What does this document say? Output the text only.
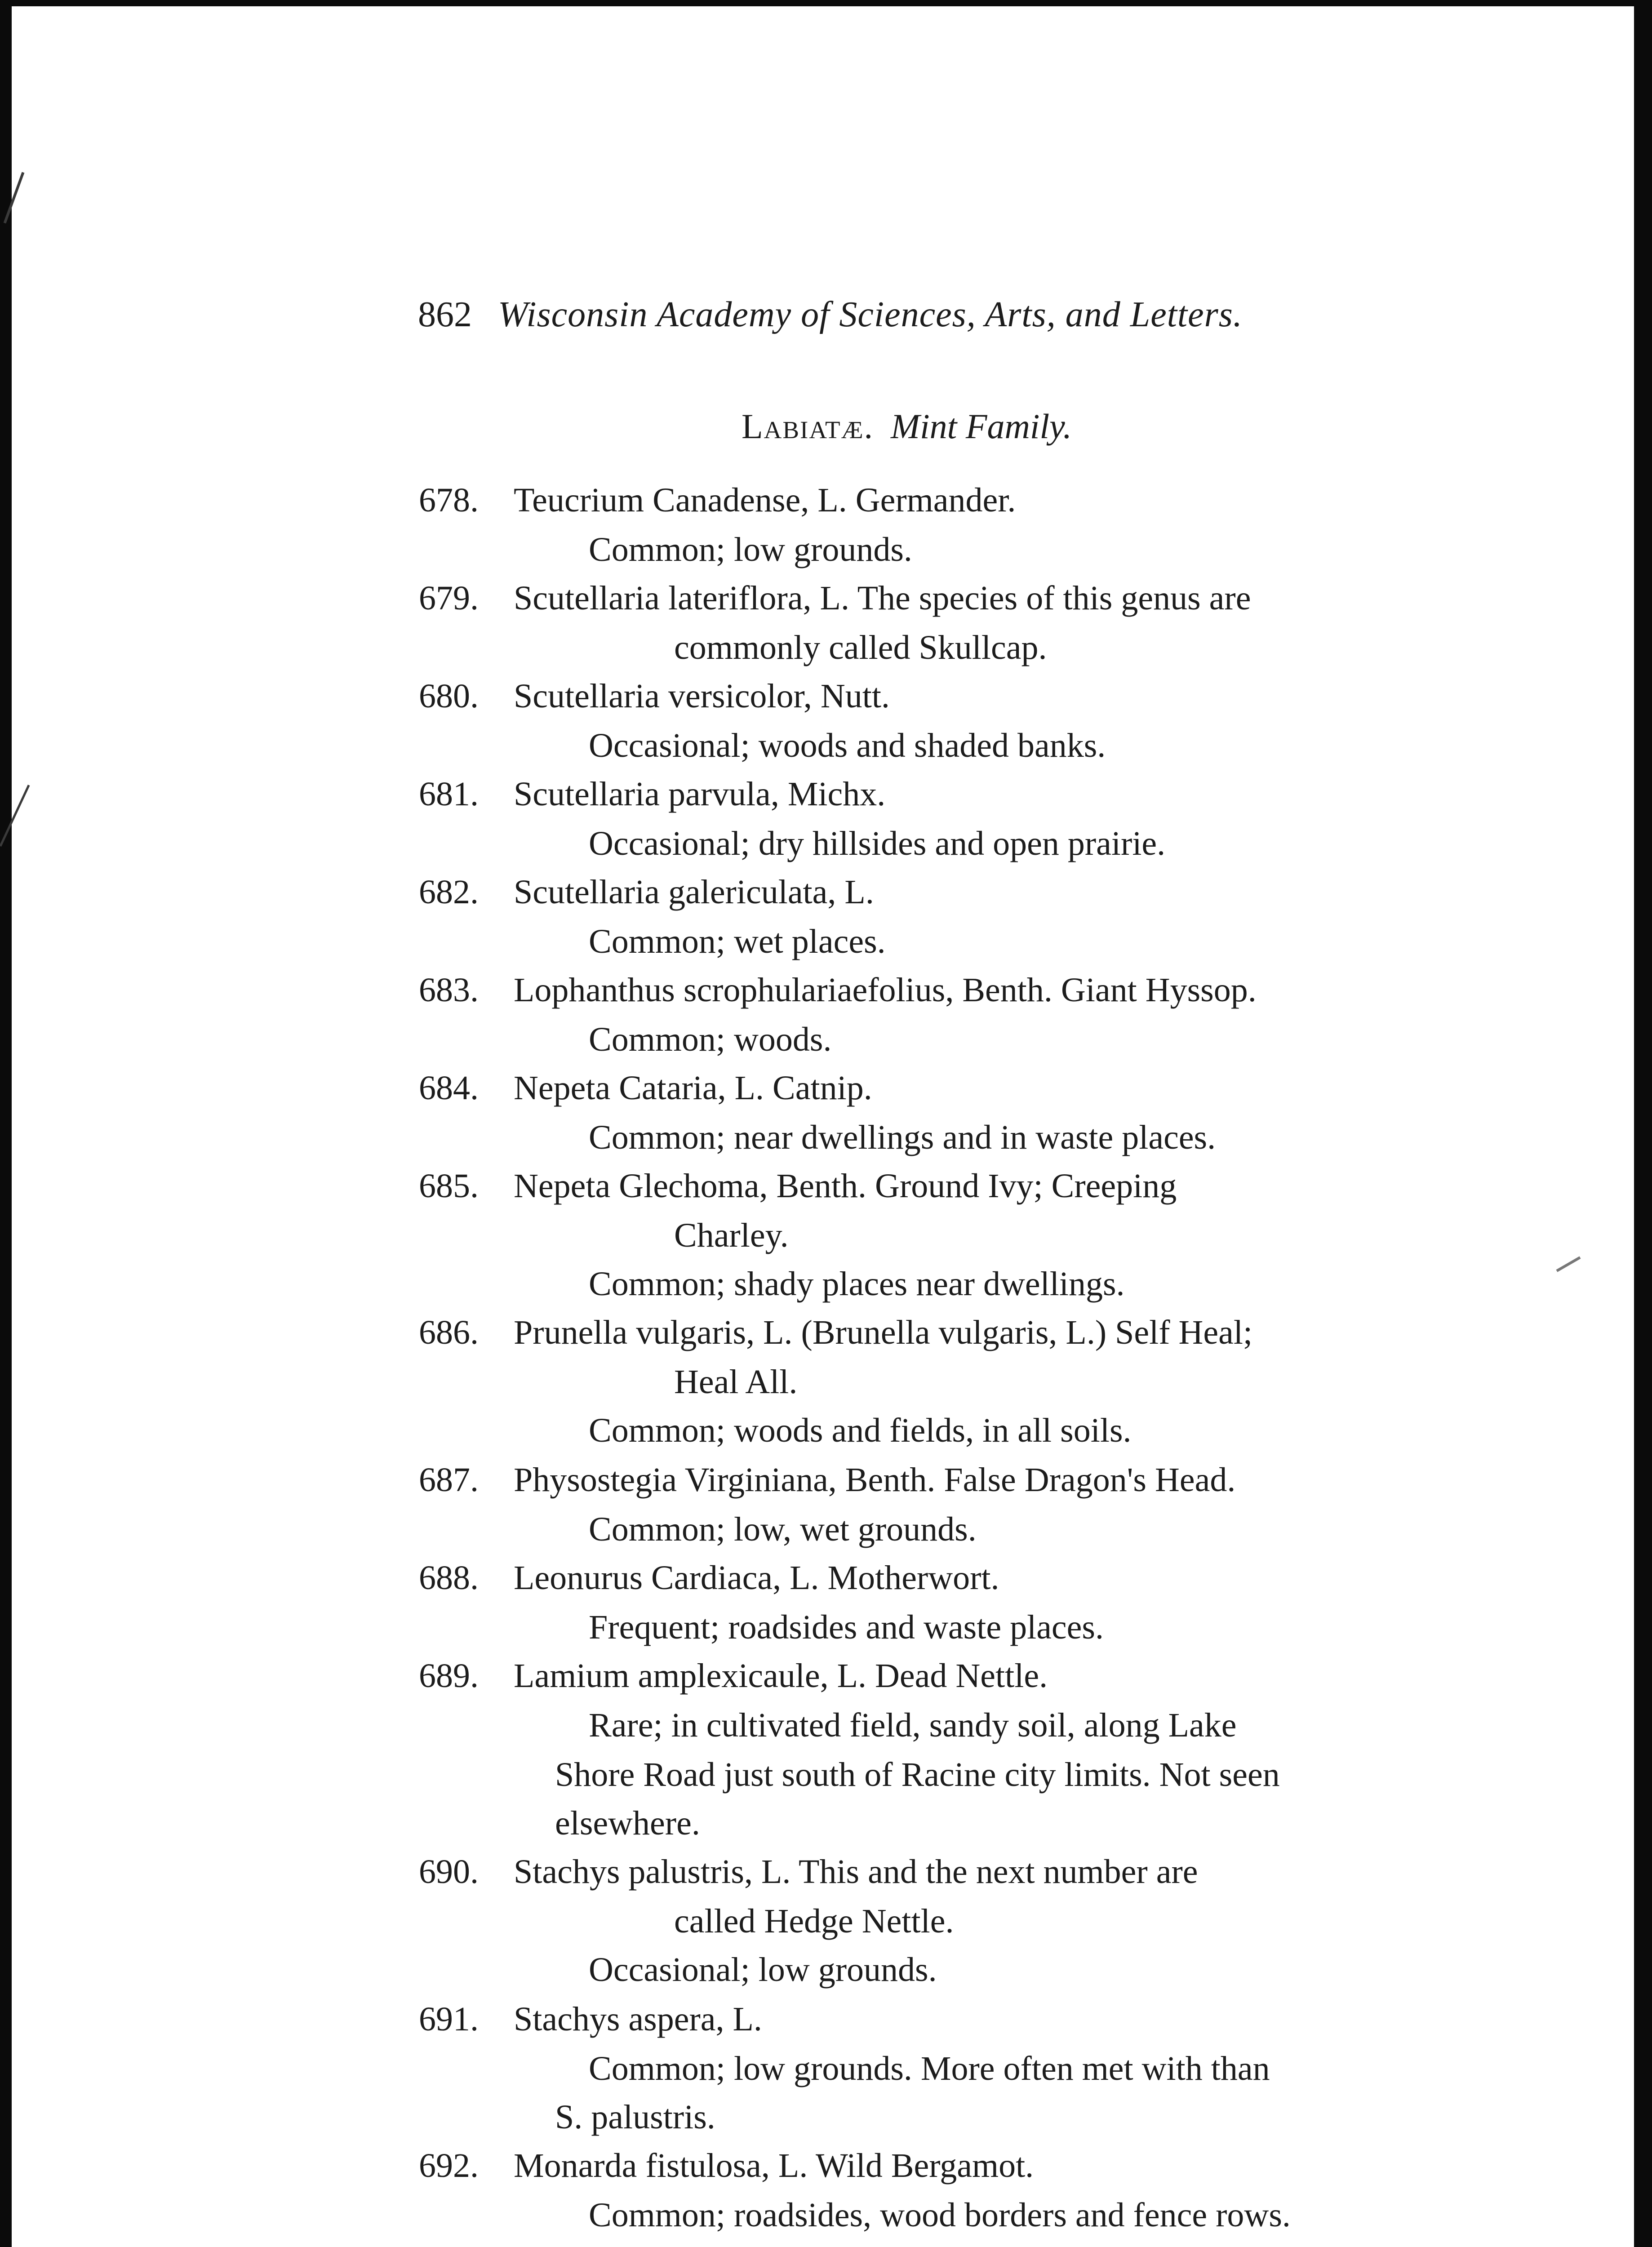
862 Wisconsin Academy of Sciences, Arts, and Letters.
Labiatæ. Mint Family.
678. Teucrium Canadense, L. Germander.
Common; low grounds.
679. Scutellaria lateriflora, L. The species of this genus are
commonly called Skullcap.
680. Scutellaria versicolor, Nutt.
Occasional; woods and shaded banks.
681. Scutellaria parvula, Michx.
Occasional; dry hillsides and open prairie.
682. Scutellaria galericulata, L.
Common; wet places.
683. Lophanthus scrophulariaefolius, Benth. Giant Hyssop.
Common; woods.
684. Nepeta Cataria, L. Catnip.
Common; near dwellings and in waste places.
685. Nepeta Glechoma, Benth. Ground Ivy; Creeping
Charley.
Common; shady places near dwellings.
686. Prunella vulgaris, L. (Brunella vulgaris, L.) Self Heal;
Heal All.
Common; woods and fields, in all soils.
687. Physostegia Virginiana, Benth. False Dragon's Head.
Common; low, wet grounds.
688. Leonurus Cardiaca, L. Motherwort.
Frequent; roadsides and waste places.
689. Lamium amplexicaule, L. Dead Nettle.
Rare; in cultivated field, sandy soil, along Lake
Shore Road just south of Racine city limits. Not seen
elsewhere.
690. Stachys palustris, L. This and the next number are
called Hedge Nettle.
Occasional; low grounds.
691. Stachys aspera, L.
Common; low grounds. More often met with than
S. palustris.
692. Monarda fistulosa, L. Wild Bergamot.
Common; roadsides, wood borders and fence rows.
